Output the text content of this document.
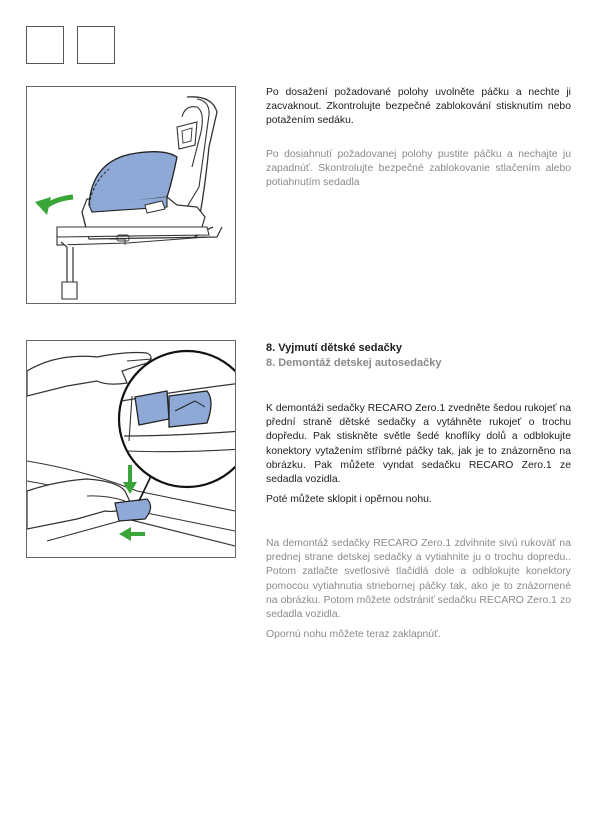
Po dosažení požadované polohy uvolněte páčku a nechte ji zacvaknout. Zkontrolujte bezpečné zablokování stisknutím nebo potažením sedáku.

Po dosiahnutí požadovanej polohy pustite páčku a nechajte ju zapadnúť. Skontrolujte bezpečné zablokovanie stlačením alebo potiahnutím sedadla

8. Vyjmutí dětské sedačky

8. Demontáž detskej autosedačky

K demontáži sedačky RECARO Zero.1 zvedněte šedou rukojeť na přední straně dětské sedačky a vytáhněte rukojeť o trochu dopředu. Pak stiskněte světle šedé knoflíky dolů a odblokujte konektory vytažením stříbrné páčky tak, jak je to znázorněno na obrázku. Pak můžete vyndat sedačku RECARO Zero.1 ze sedadla vozidla.

Poté můžete sklopit i opěrnou nohu.

Na demontáž sedačky RECARO Zero.1 zdvihnite sivú rukoväť na prednej strane detskej sedačky a vytiahnite ju o trochu dopredu.. Potom zatlačte svetlosivé tlačidlá dole a odblokujte konektory pomocou vytiahnutia striebornej páčky tak, ako je to znázornené na obrázku. Potom môžete odstrániť sedačku RECARO Zero.1 zo sedadla vozidla.

Opornú nohu môžete teraz zaklapnúť.
